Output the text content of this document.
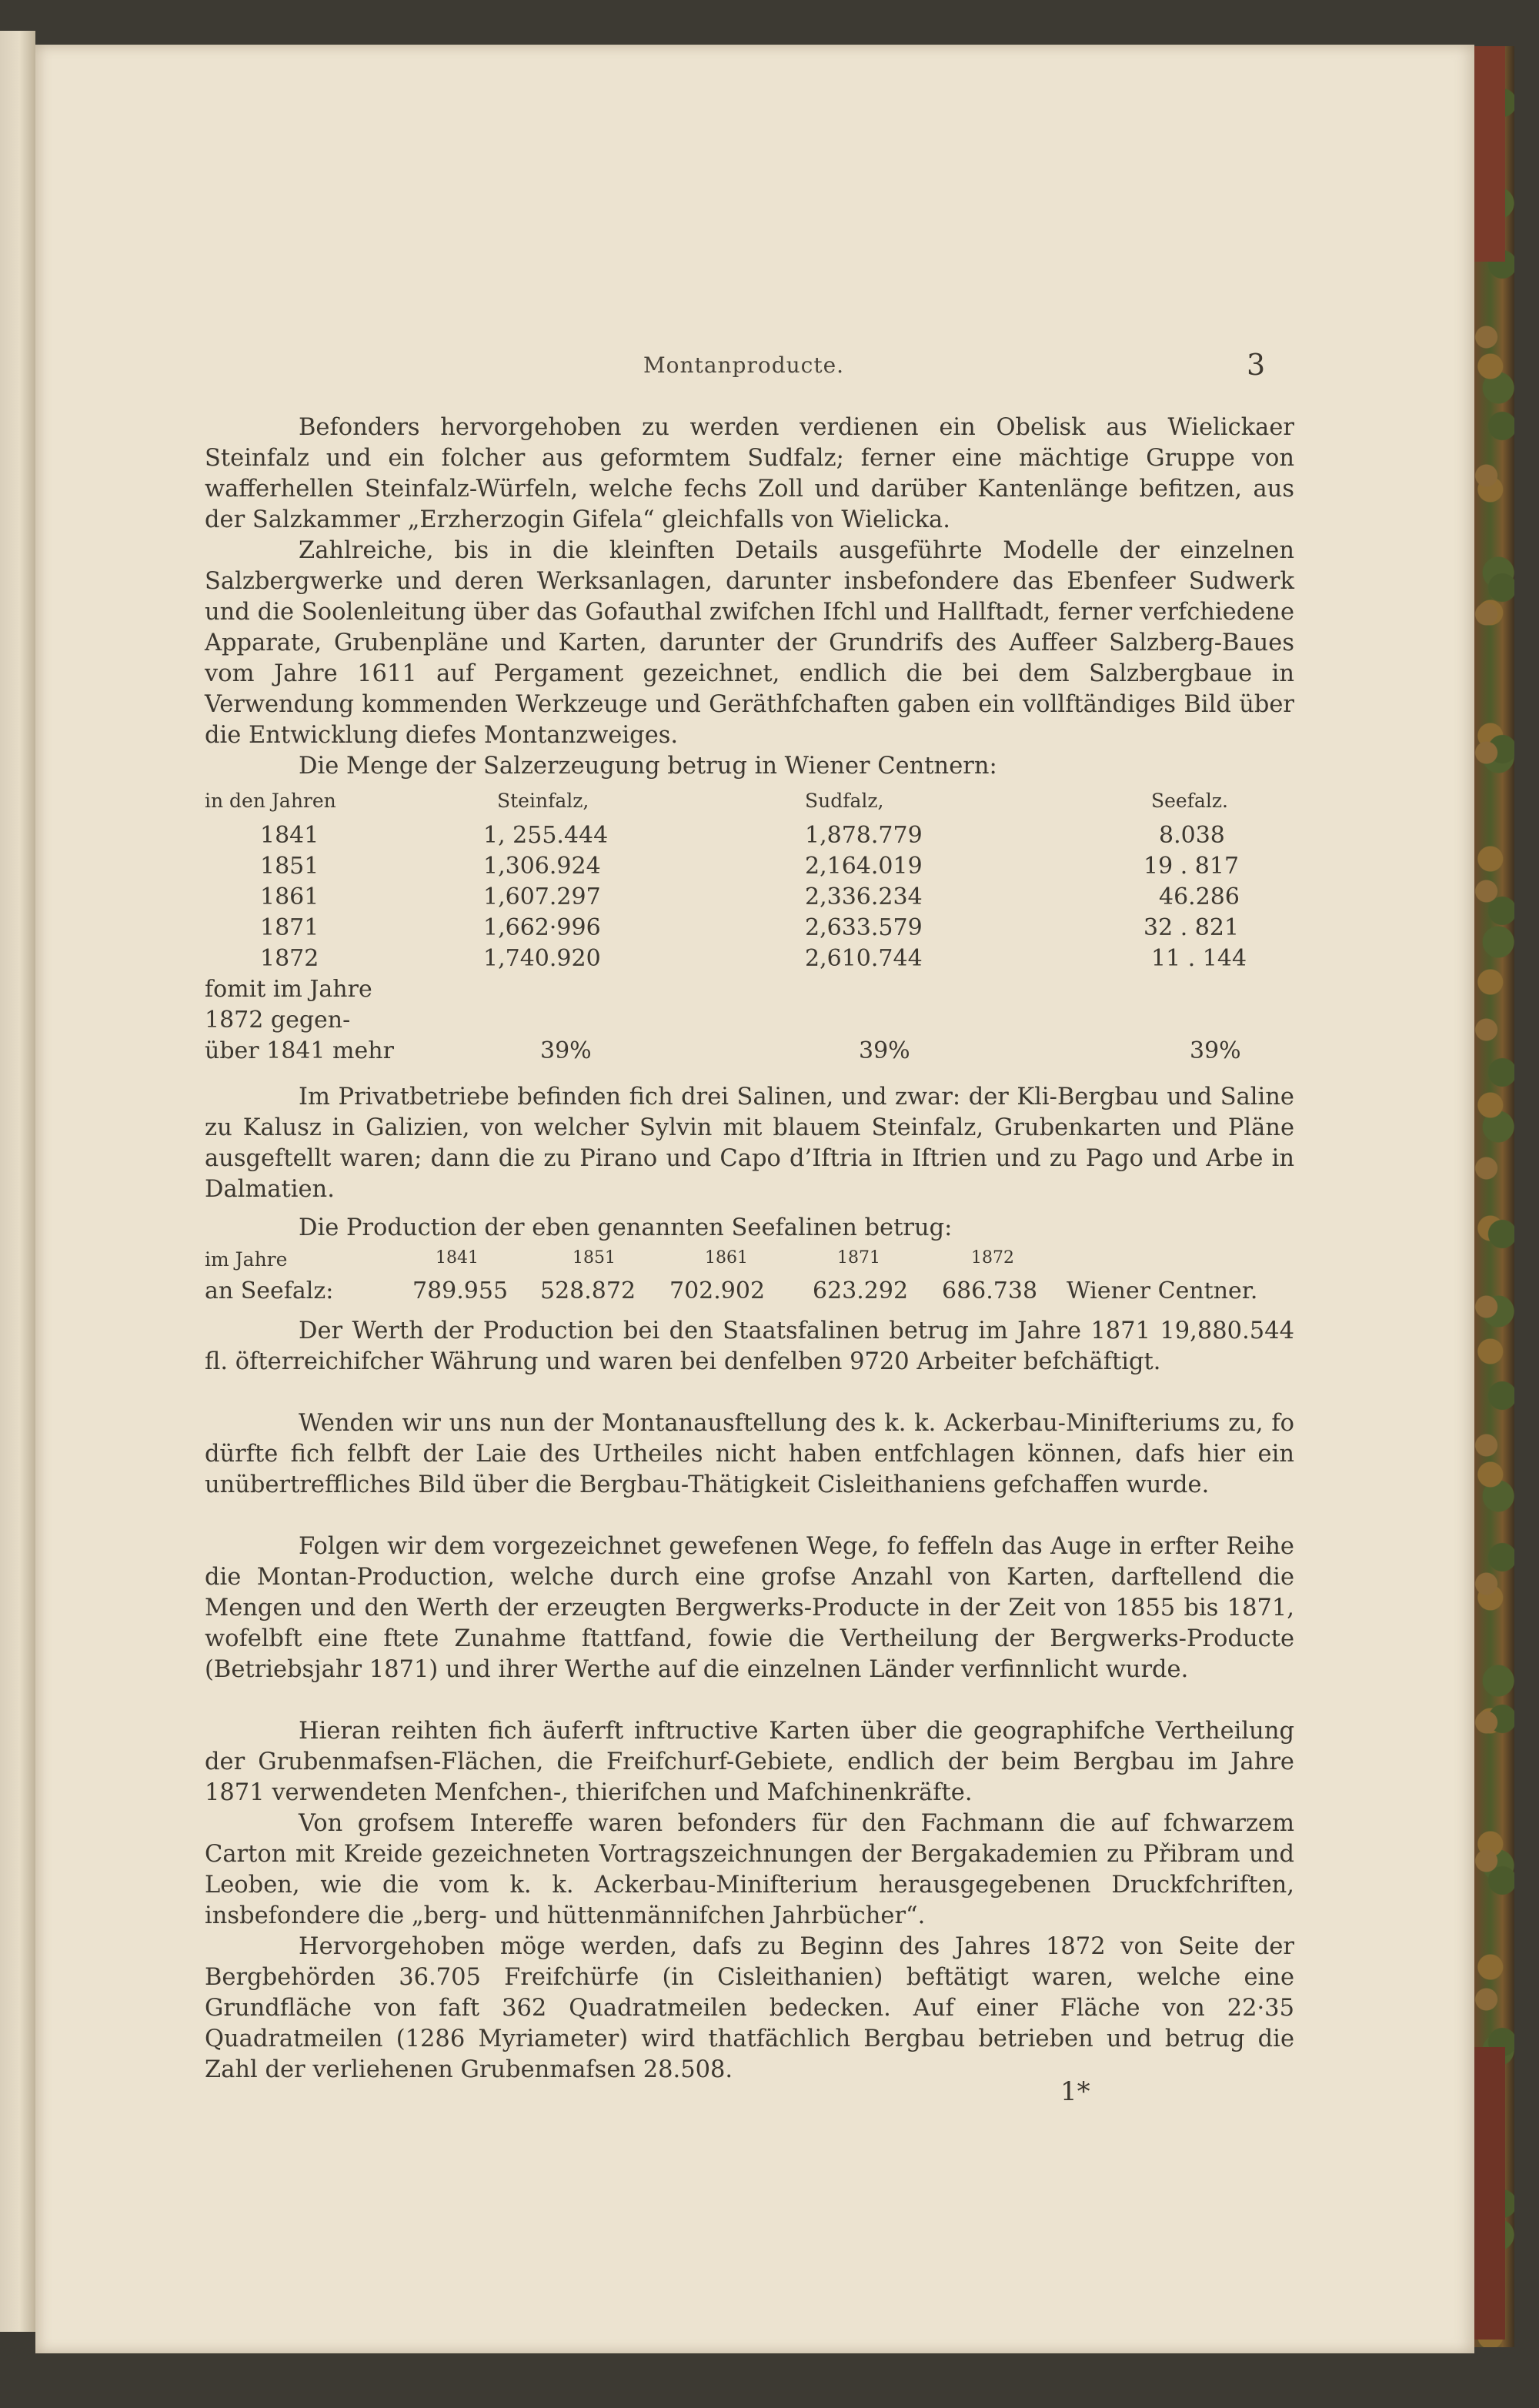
Montanproducte.	3
Befonders hervorgehoben zu werden verdienen ein Obelisk aus Wielickaer Steinfalz und ein folcher aus geformtem Sudfalz; ferner eine mächtige Gruppe von wafferhellen Steinfalz-Würfeln, welche fechs Zoll und darüber Kantenlänge befitzen, aus der Salzkammer „Erzherzogin Gifela“ gleichfalls von Wielicka.
Zahlreiche, bis in die kleinften Details ausgeführte Modelle der einzelnen Salzbergwerke und deren Werksanlagen, darunter insbefondere das Ebenfeer Sudwerk und die Soolenleitung über das Gofauthal zwifchen Ifchl und Hallftadt, ferner verfchiedene Apparate, Grubenpläne und Karten, darunter der Grundrifs des Auffeer Salzberg-Baues vom Jahre 1611 auf Pergament gezeichnet, endlich die bei dem Salzbergbaue in Verwendung kommenden Werkzeuge und Geräthfchaften gaben ein vollftändiges Bild über die Entwicklung diefes Montanzweiges.
Die Menge der Salzerzeugung betrug in Wiener Centnern:
in den Jahren	Steinfalz,	Sudfalz,	Seefalz.
1841	1, 255.444	1,878.779	8.038
1851	1,306.924	2,164.019	19 . 817
1861	1,607.297	2,336.234	46.286
1871	1,662·996	2,633.579	32 . 821
1872	1,740.920	2,610.744	11 . 144
fomit im Jahre
1872 gegen-
über 1841 mehr	39%	39%	39%
Im Privatbetriebe befinden fich drei Salinen, und zwar: der Kli-Bergbau und Saline zu Kalusz in Galizien, von welcher Sylvin mit blauem Steinfalz, Grubenkarten und Pläne ausgeftellt waren; dann die zu Pirano und Capo d’Iftria in Iftrien und zu Pago und Arbe in Dalmatien.
Die Production der eben genannten Seefalinen betrug:
im Jahre	1841	1851	1861	1871	1872
an Seefalz:	789.955 528.872 702.902 623.292 686.738 Wiener Centner.
Der Werth der Production bei den Staatsfalinen betrug im Jahre 1871 19,880.544 fl. öfterreichifcher Währung und waren bei denfelben 9720 Arbeiter befchäftigt.
Wenden wir uns nun der Montanausftellung des k. k. Ackerbau-Minifteriums zu, fo dürfte fich felbft der Laie des Urtheiles nicht haben entfchlagen können, dafs hier ein unübertreffliches Bild über die Bergbau-Thätigkeit Cisleithaniens gefchaffen wurde.
Folgen wir dem vorgezeichnet gewefenen Wege, fo feffeln das Auge in erfter Reihe die Montan-Production, welche durch eine grofse Anzahl von Karten, darftellend die Mengen und den Werth der erzeugten Bergwerks-Producte in der Zeit von 1855 bis 1871, wofelbft eine ftete Zunahme ftattfand, fowie die Vertheilung der Bergwerks-Producte (Betriebsjahr 1871) und ihrer Werthe auf die einzelnen Länder verfinnlicht wurde.
Hieran reihten fich äuferft inftructive Karten über die geographifche Vertheilung der Grubenmafsen-Flächen, die Freifchurf-Gebiete, endlich der beim Bergbau im Jahre 1871 verwendeten Menfchen-, thierifchen und Mafchinenkräfte.
Von grofsem Intereffe waren befonders für den Fachmann die auf fchwarzem Carton mit Kreide gezeichneten Vortragszeichnungen der Bergakademien zu Přibram und Leoben, wie die vom k. k. Ackerbau-Minifterium herausgegebenen Druckfchriften, insbefondere die „berg- und hüttenmännifchen Jahrbücher“.
Hervorgehoben möge werden, dafs zu Beginn des Jahres 1872 von Seite der Bergbehörden 36.705 Freifchürfe (in Cisleithanien) beftätigt waren, welche eine Grundfläche von faft 362 Quadratmeilen bedecken. Auf einer Fläche von 22·35 Quadratmeilen (1286 Myriameter) wird thatfächlich Bergbau betrieben und betrug die Zahl der verliehenen Grubenmafsen 28.508.
1*
